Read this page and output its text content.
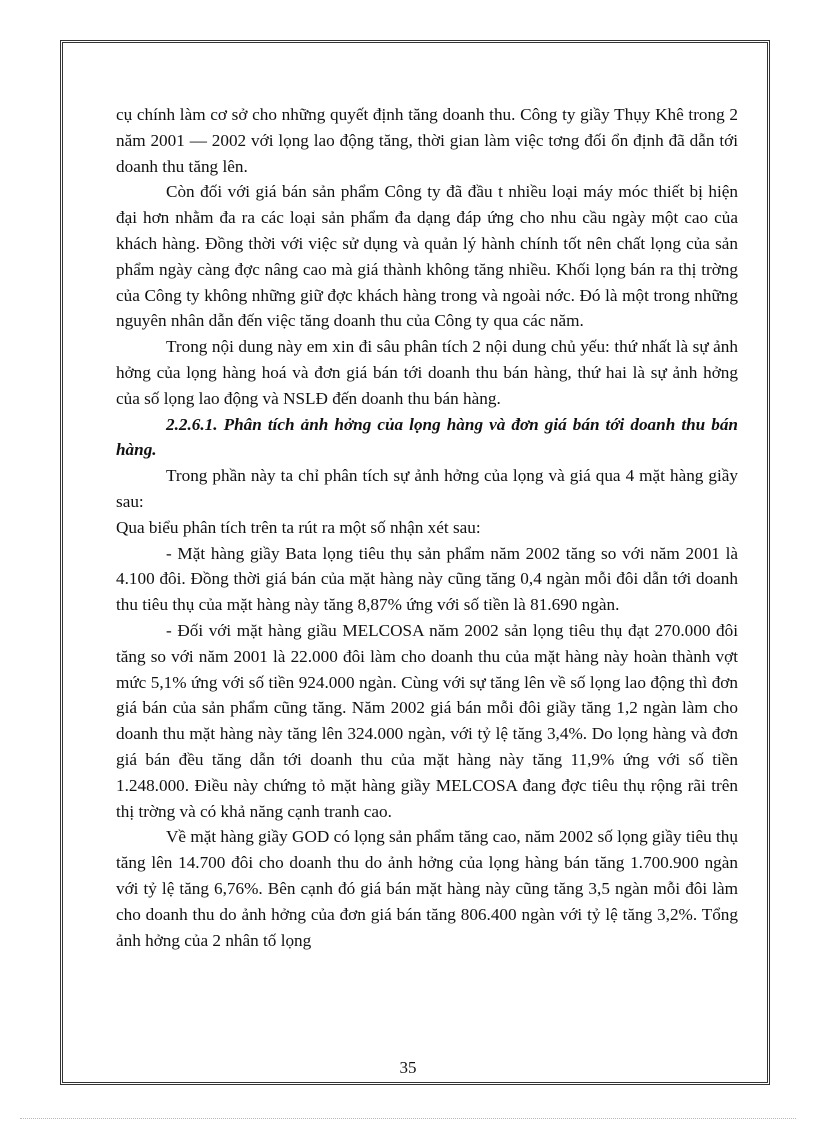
cụ chính làm cơ sở cho những quyết định tăng doanh thu. Công ty giầy Thụy Khê trong 2 năm 2001 — 2002 với lọng lao động tăng, thời gian làm việc tơng đối ổn định đã dẫn tới doanh thu tăng lên.

Còn đối với giá bán sản phẩm Công ty đã đầu t nhiều loại máy móc thiết bị hiện đại hơn nhằm đa ra các loại sản phẩm đa dạng đáp ứng cho nhu cầu ngày một cao của khách hàng. Đồng thời với việc sử dụng và quản lý hành chính tốt nên chất lọng của sản phẩm ngày càng đợc nâng cao mà giá thành không tăng nhiều. Khối lọng bán ra thị trờng của Công ty không những giữ đợc khách hàng trong và ngoài nớc. Đó là một trong những nguyên nhân dẫn đến việc tăng doanh thu của Công ty qua các năm.

Trong nội dung này em xin đi sâu phân tích 2 nội dung chủ yếu: thứ nhất là sự ảnh hởng của lọng hàng hoá và đơn giá bán tới doanh thu bán hàng, thứ hai là sự ảnh hởng của số lọng lao động và NSLĐ đến doanh thu bán hàng.

2.2.6.1. Phân tích ảnh hởng của lọng hàng và đơn giá bán tới doanh thu bán hàng.

Trong phần này ta chỉ phân tích sự ảnh hởng của lọng và giá qua 4 mặt hàng giầy sau:

Qua biểu phân tích trên ta rút ra một số nhận xét sau:

- Mặt hàng giầy Bata lọng tiêu thụ sản phẩm năm 2002 tăng so với năm 2001 là 4.100 đôi. Đồng thời giá bán của mặt hàng này cũng tăng 0,4 ngàn mỗi đôi dẫn tới doanh thu tiêu thụ của mặt hàng này tăng 8,87% ứng với số tiền là 81.690 ngàn.

- Đối với mặt hàng giầu MELCOSA năm 2002 sản lọng tiêu thụ đạt 270.000 đôi tăng so với năm 2001 là 22.000 đôi làm cho doanh thu của mặt hàng này hoàn thành vợt mức 5,1% ứng với số tiền 924.000 ngàn. Cùng với sự tăng lên về số lọng lao động thì đơn giá bán của sản phẩm cũng tăng. Năm 2002 giá bán mỗi đôi giầy tăng 1,2 ngàn làm cho doanh thu mặt hàng này tăng lên 324.000 ngàn, với tỷ lệ tăng 3,4%. Do lọng hàng và đơn giá bán đều tăng dẫn tới doanh thu của mặt hàng này tăng 11,9% ứng với số tiền 1.248.000. Điều này chứng tỏ mặt hàng giầy MELCOSA đang đợc tiêu thụ rộng rãi trên thị trờng và có khả năng cạnh tranh cao.

Về mặt hàng giầy GOD có lọng sản phẩm tăng cao, năm 2002 số lọng giầy tiêu thụ tăng lên 14.700 đôi cho doanh thu do ảnh hởng của lọng hàng bán tăng 1.700.900 ngàn với tỷ lệ tăng 6,76%. Bên cạnh đó giá bán mặt hàng này cũng tăng 3,5 ngàn mỗi đôi làm cho doanh thu do ảnh hởng của đơn giá bán tăng 806.400 ngàn với tỷ lệ tăng 3,2%. Tổng ảnh hởng của 2 nhân tố lọng

35
